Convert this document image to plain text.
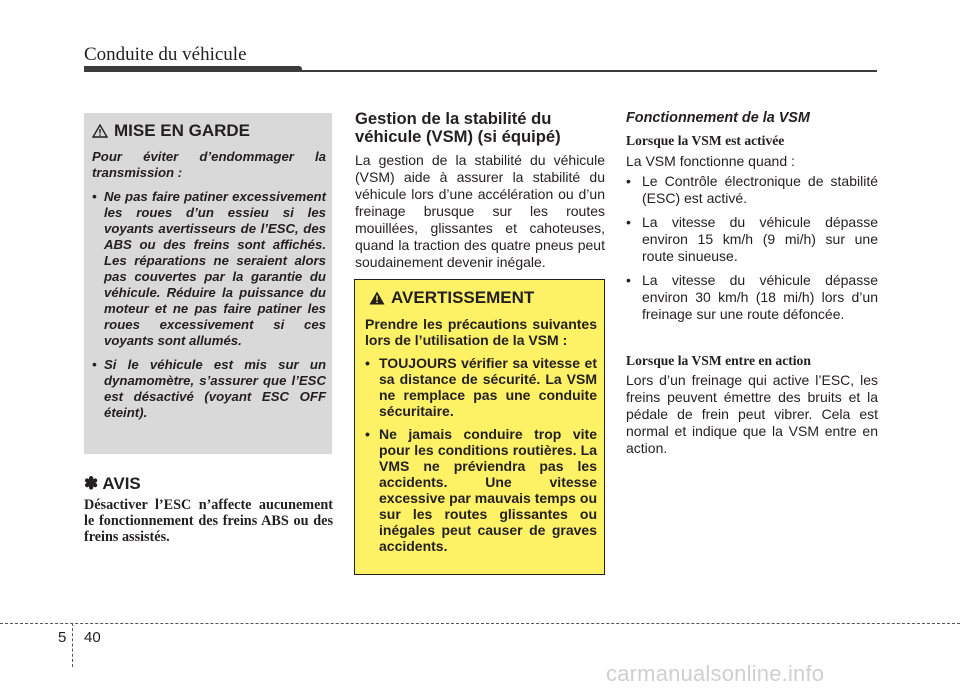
Conduite du véhicule
MISE EN GARDE
Pour éviter d’endommager la transmission :
• Ne pas faire patiner excessivement les roues d’un essieu si les voyants avertisseurs de l’ESC, des ABS ou des freins sont affichés. Les réparations ne seraient alors pas couvertes par la garantie du véhicule. Réduire la puissance du moteur et ne pas faire patiner les roues excessivement si ces voyants sont allumés.
• Si le véhicule est mis sur un dynamomètre, s’assurer que l’ESC est désactivé (voyant ESC OFF éteint).
✽ AVIS
Désactiver l’ESC n’affecte aucunement le fonctionnement des freins ABS ou des freins assistés.
Gestion de la stabilité du véhicule (VSM) (si équipé)
La gestion de la stabilité du véhicule (VSM) aide à assurer la stabilité du véhicule lors d’une accélération ou d’un freinage brusque sur les routes mouillées, glissantes et cahoteuses, quand la traction des quatre pneus peut soudainement devenir inégale.
AVERTISSEMENT
Prendre les précautions suivantes lors de l’utilisation de la VSM :
• TOUJOURS vérifier sa vitesse et sa distance de sécurité. La VSM ne remplace pas une conduite sécuritaire.
• Ne jamais conduire trop vite pour les conditions routières. La VMS ne préviendra pas les accidents. Une vitesse excessive par mauvais temps ou sur les routes glissantes ou inégales peut causer de graves accidents.
Fonctionnement de la VSM
Lorsque la VSM est activée
La VSM fonctionne quand :
• Le Contrôle électronique de stabilité (ESC) est activé.
• La vitesse du véhicule dépasse environ 15 km/h (9 mi/h) sur une route sinueuse.
• La vitesse du véhicule dépasse environ 30 km/h (18 mi/h) lors d’un freinage sur une route défoncée.
Lorsque la VSM entre en action
Lors d’un freinage qui active l’ESC, les freins peuvent émettre des bruits et la pédale de frein peut vibrer. Cela est normal et indique que la VSM entre en action.
5 40
carmanualsonline.info
